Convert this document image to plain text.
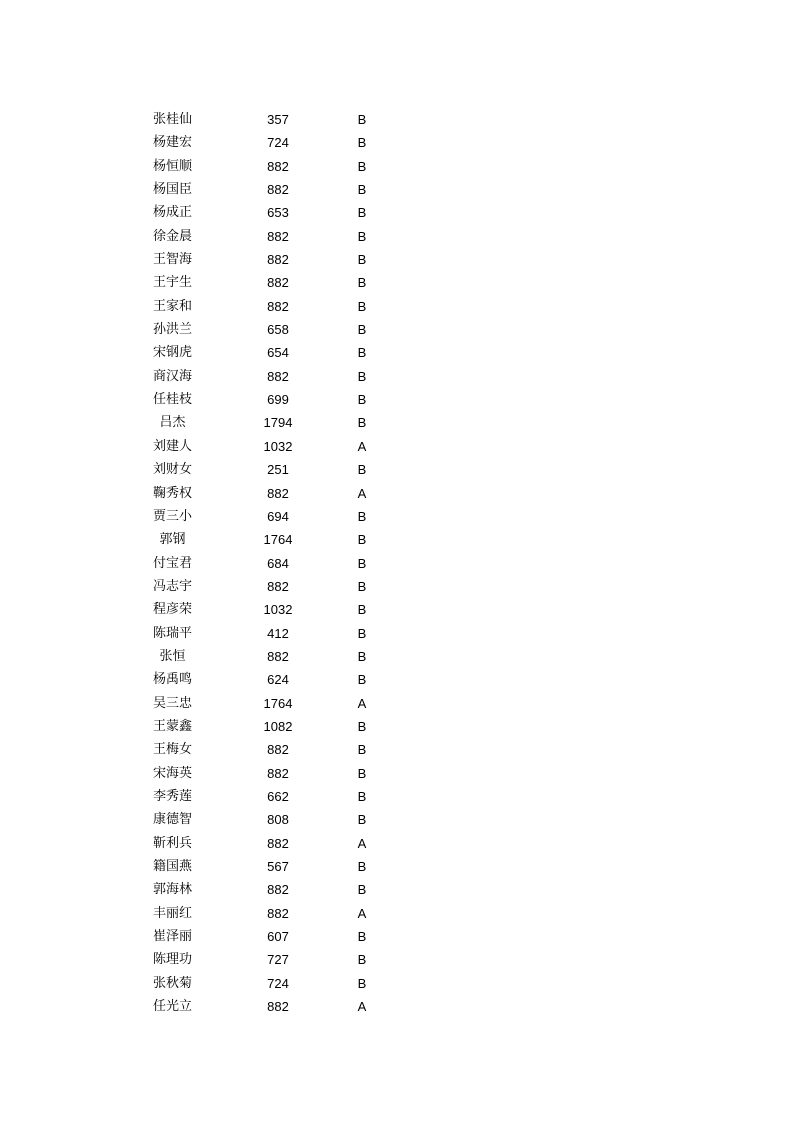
张桂仙	357	B
杨建宏	724	B
杨恒顺	882	B
杨国臣	882	B
杨成正	653	B
徐金晨	882	B
王智海	882	B
王宇生	882	B
王家和	882	B
孙洪兰	658	B
宋钢虎	654	B
商汉海	882	B
任桂枝	699	B
吕杰	1794	B
刘建人	1032	A
刘财女	251	B
鞠秀权	882	A
贾三小	694	B
郭钢	1764	B
付宝君	684	B
冯志宇	882	B
程彦荣	1032	B
陈瑞平	412	B
张恒	882	B
杨禹鸣	624	B
吴三忠	1764	A
王蒙鑫	1082	B
王梅女	882	B
宋海英	882	B
李秀莲	662	B
康德智	808	B
靳利兵	882	A
籍国燕	567	B
郭海林	882	B
丰丽红	882	A
崔泽丽	607	B
陈理功	727	B
张秋菊	724	B
任光立	882	A
